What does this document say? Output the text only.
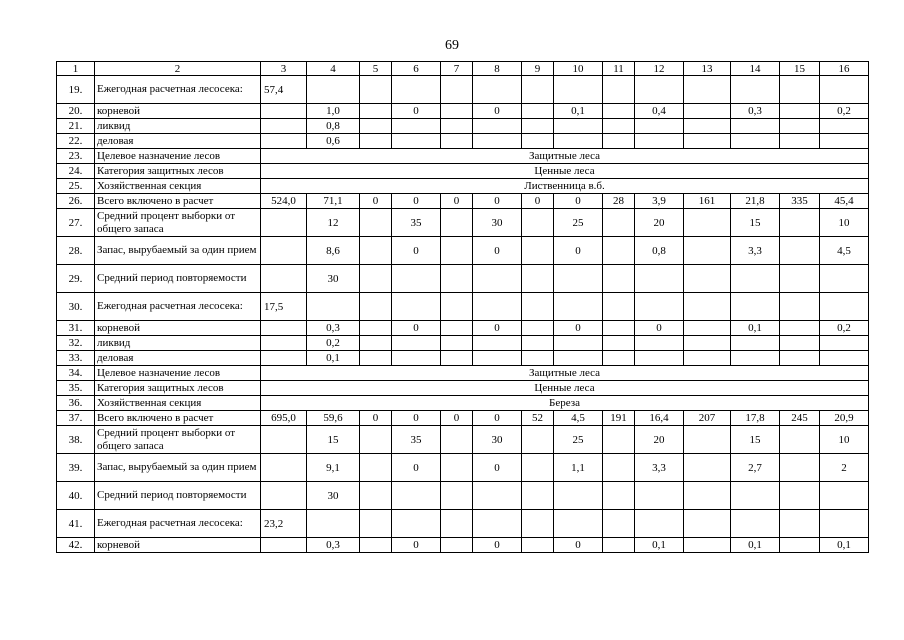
69
1	2	3	4	5	6	7	8	9	10	11	12	13	14	15	16
19.	Ежегодная расчетная лесосека:	57,4													
20.	корневой		1,0		0		0		0,1		0,4		0,3		0,2
21.	ликвид		0,8												
22.	деловая		0,6												
23.	Целевое назначение лесов	Защитные леса													
24.	Категория защитных лесов	Ценные леса													
25.	Хозяйственная секция	Лиственница в.б.													
26.	Всего включено в расчет	524,0	71,1	0	0	0	0	0	0	28	3,9	161	21,8	335	45,4
27.	Средний процент выборки от общего запаса		12		35		30		25		20		15		10
28.	Запас, вырубаемый за один прием		8,6		0		0		0		0,8		3,3		4,5
29.	Средний период повторяемости		30												
30.	Ежегодная расчетная лесосека:	17,5													
31.	корневой		0,3		0		0		0		0		0,1		0,2
32.	ликвид		0,2												
33.	деловая		0,1												
34.	Целевое назначение лесов	Защитные леса													
35.	Категория защитных лесов	Ценные леса													
36.	Хозяйственная секция	Береза													
37.	Всего включено в расчет	695,0	59,6	0	0	0	0	52	4,5	191	16,4	207	17,8	245	20,9
38.	Средний процент выборки от общего запаса		15		35		30		25		20		15		10
39.	Запас, вырубаемый за один прием		9,1		0		0		1,1		3,3		2,7		2
40.	Средний период повторяемости		30												
41.	Ежегодная расчетная лесосека:	23,2													
42.	корневой		0,3		0		0		0		0,1		0,1		0,1
